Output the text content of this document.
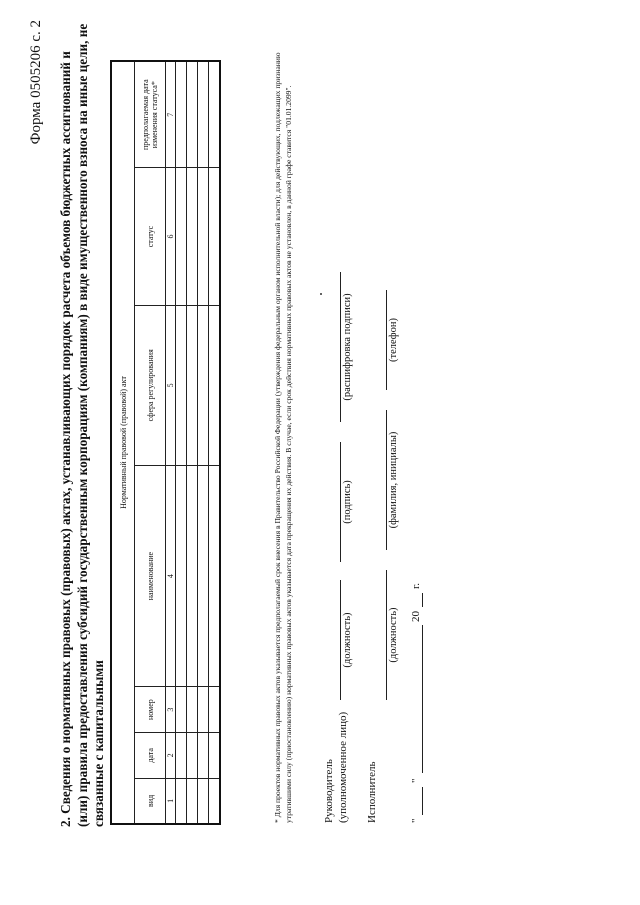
Форма 0505206 с. 2 2. Сведения о нормативных правовых (правовых) актах, устанавливающих порядок расчета объемов бюджетных ассигнований и (или) правила предоставления субсидий государственным корпорациям (компаниям) в виде имущественного взноса на иные цели, не связанные с капитальными
Нормативный правовой (правовой) акт						
вид	дата	номер	наименование	сфера регулирования	статус	предполагаемая дата изменения статуса*
1	2	3	4	5	6	7

							* Для проектов нормативных правовых актов указывается предполагаемый срок внесения в Правительство Российской Федерации (утверждения федеральным органом исполнительной власти); для действующих, подлежащих признанию утратившими силу (приостановлению) нормативных правовых актов указывается дата прекращения их действия. В случае, если срок действия нормативных правовых актов не установлен, в данной графе ставится "01.01.2099".	Руководитель (уполномоченное лицо)
(должность)
(подпись)
(расшифровка подписи)
Исполнитель
(должность)
(фамилия, инициалы)
(телефон)
"
"
20
г.
